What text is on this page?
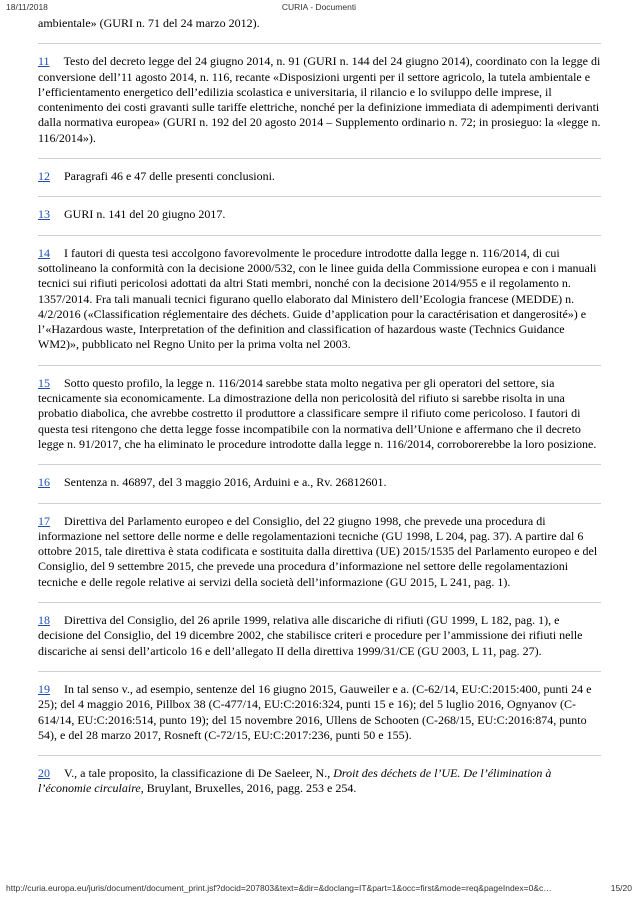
18/11/2018	CURIA - Documenti

ambientale» (GURI n. 71 del 24 marzo 2012).

11 Testo del decreto legge del 24 giugno 2014, n. 91 (GURI n. 144 del 24 giugno 2014), coordinato con la legge di conversione dell’11 agosto 2014, n. 116, recante «Disposizioni urgenti per il settore agricolo, la tutela ambientale e l’efficientamento energetico dell’edilizia scolastica e universitaria, il rilancio e lo sviluppo delle imprese, il contenimento dei costi gravanti sulle tariffe elettriche, nonché per la definizione immediata di adempimenti derivanti dalla normativa europea» (GURI n. 192 del 20 agosto 2014 – Supplemento ordinario n. 72; in prosieguo: la «legge n. 116/2014»).

12 Paragrafi 46 e 47 delle presenti conclusioni.

13 GURI n. 141 del 20 giugno 2017.

14 I fautori di questa tesi accolgono favorevolmente le procedure introdotte dalla legge n. 116/2014, di cui sottolineano la conformità con la decisione 2000/532, con le linee guida della Commissione europea e con i manuali tecnici sui rifiuti pericolosi adottati da altri Stati membri, nonché con la decisione 2014/955 e il regolamento n. 1357/2014. Fra tali manuali tecnici figurano quello elaborato dal Ministero dell’Ecologia francese (MEDDE) n. 4/2/2016 («Classification réglementaire des déchets. Guide d’application pour la caractérisation et dangerosité») e l’«Hazardous waste, Interpretation of the definition and classification of hazardous waste (Technics Guidance WM2)», pubblicato nel Regno Unito per la prima volta nel 2003.

15 Sotto questo profilo, la legge n. 116/2014 sarebbe stata molto negativa per gli operatori del settore, sia tecnicamente sia economicamente. La dimostrazione della non pericolosità del rifiuto si sarebbe risolta in una probatio diabolica, che avrebbe costretto il produttore a classificare sempre il rifiuto come pericoloso. I fautori di questa tesi ritengono che detta legge fosse incompatibile con la normativa dell’Unione e affermano che il decreto legge n. 91/2017, che ha eliminato le procedure introdotte dalla legge n. 116/2014, corroborerebbe la loro posizione.

16 Sentenza n. 46897, del 3 maggio 2016, Arduini e a., Rv. 26812601.

17 Direttiva del Parlamento europeo e del Consiglio, del 22 giugno 1998, che prevede una procedura di informazione nel settore delle norme e delle regolamentazioni tecniche (GU 1998, L 204, pag. 37). A partire dal 6 ottobre 2015, tale direttiva è stata codificata e sostituita dalla direttiva (UE) 2015/1535 del Parlamento europeo e del Consiglio, del 9 settembre 2015, che prevede una procedura d’informazione nel settore delle regolamentazioni tecniche e delle regole relative ai servizi della società dell’informazione (GU 2015, L 241, pag. 1).

18 Direttiva del Consiglio, del 26 aprile 1999, relativa alle discariche di rifiuti (GU 1999, L 182, pag. 1), e decisione del Consiglio, del 19 dicembre 2002, che stabilisce criteri e procedure per l’ammissione dei rifiuti nelle discariche ai sensi dell’articolo 16 e dell’allegato II della direttiva 1999/31/CE (GU 2003, L 11, pag. 27).

19 In tal senso v., ad esempio, sentenze del 16 giugno 2015, Gauweiler e a. (C-62/14, EU:C:2015:400, punti 24 e 25); del 4 maggio 2016, Pillbox 38 (C-477/14, EU:C:2016:324, punti 15 e 16); del 5 luglio 2016, Ognyanov (C-614/14, EU:C:2016:514, punto 19); del 15 novembre 2016, Ullens de Schooten (C-268/15, EU:C:2016:874, punto 54), e del 28 marzo 2017, Rosneft (C-72/15, EU:C:2017:236, punti 50 e 155).

20 V., a tale proposito, la classificazione di De Saeleer, N., Droit des déchets de l’UE. De l’élimination à l’économie circulaire, Bruylant, Bruxelles, 2016, pagg. 253 e 254.

http://curia.europa.eu/juris/document/document_print.jsf?docid=207803&text=&dir=&doclang=IT&part=1&occ=first&mode=req&pageIndex=0&c…	15/20
